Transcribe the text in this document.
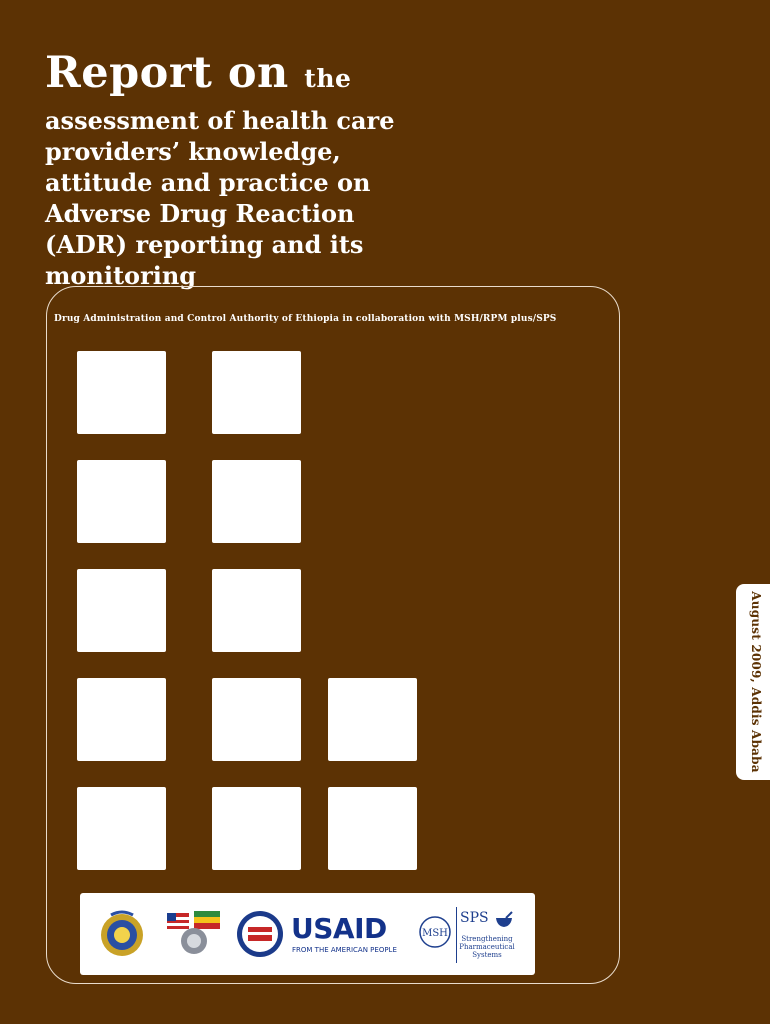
Report on the
assessment of health care
providers’ knowledge,
attitude and practice on
Adverse Drug Reaction
(ADR) reporting and its
monitoring
Drug Administration and Control Authority of Ethiopia in collaboration with MSH/RPM plus/SPS
USAID
FROM THE AMERICAN PEOPLE
MSH
SPS
Strengthening
Pharmaceutical
Systems
August 2009, Addis Ababa
